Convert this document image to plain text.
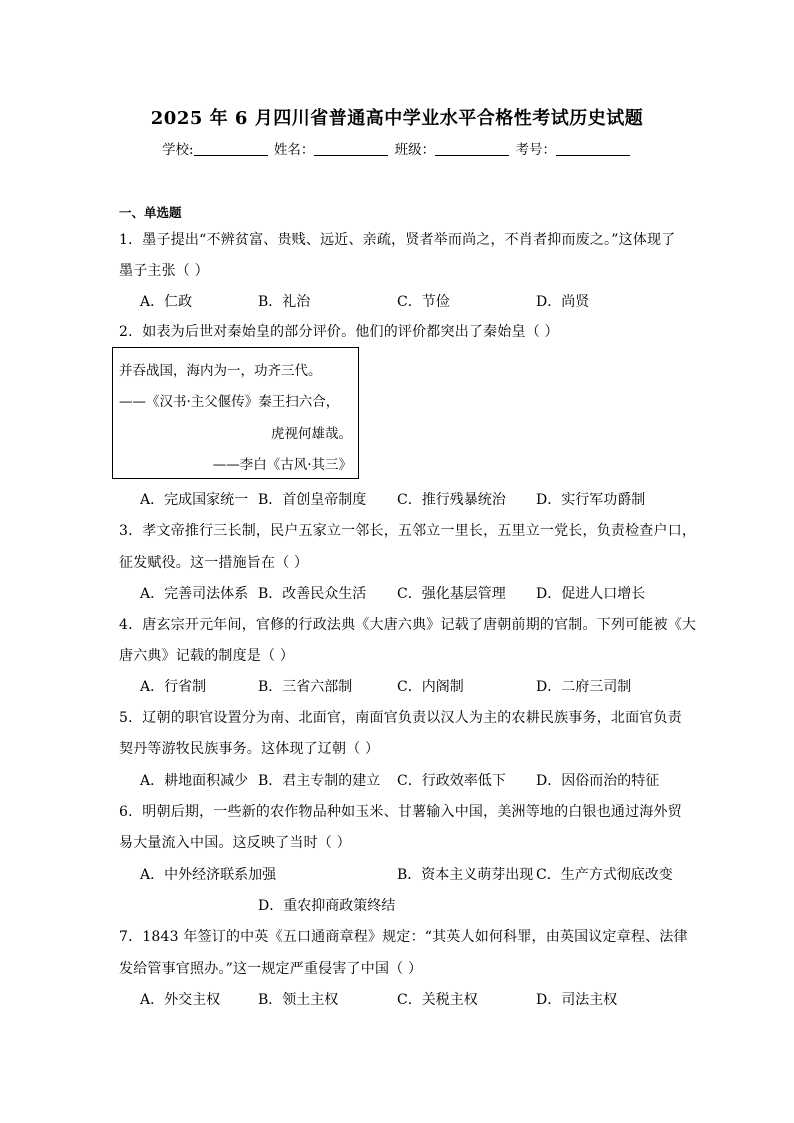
2025 年 6 月四川省普通高中学业水平合格性考试历史试题
学校:	姓名：	班级：	考号：
一、单选题
1．墨子提出“不辨贫富、贵贱、远近、亲疏，贤者举而尚之，不肖者抑而废之。”这体现了
墨子主张（ ）
A．仁政	B．礼治	C．节俭	D．尚贤
2．如表为后世对秦始皇的部分评价。他们的评价都突出了秦始皇（ ）
并吞战国，海内为一，功齐三代。
——《汉书·主父偃传》秦王扫六合，
虎视何雄哉。
——李白《古风·其三》
A．完成国家统一 B．首创皇帝制度 C．推行残暴统治 D．实行军功爵制
3．孝文帝推行三长制，民户五家立一邻长，五邻立一里长，五里立一党长，负责检查户口，
征发赋役。这一措施旨在（ ）
A．完善司法体系 B．改善民众生活 C．强化基层管理 D．促进人口增长
4．唐玄宗开元年间，官修的行政法典《大唐六典》记载了唐朝前期的官制。下列可能被《大
唐六典》记载的制度是（ ）
A．行省制	B．三省六部制	C．内阁制	D．二府三司制
5．辽朝的职官设置分为南、北面官，南面官负责以汉人为主的农耕民族事务，北面官负责
契丹等游牧民族事务。这体现了辽朝（ ）
A．耕地面积减少 B．君主专制的建立 C．行政效率低下 D．因俗而治的特征
6．明朝后期，一些新的农作物品种如玉米、甘薯输入中国，美洲等地的白银也通过海外贸
易大量流入中国。这反映了当时（ ）
A．中外经济联系加强	B．资本主义萌芽出现 C．生产方式彻底改变
D．重农抑商政策终结
7．1843 年签订的中英《五口通商章程》规定：“其英人如何科罪，由英国议定章程、法律
发给管事官照办。”这一规定严重侵害了中国（ ）
A．外交主权	B．领土主权	C．关税主权	D．司法主权
